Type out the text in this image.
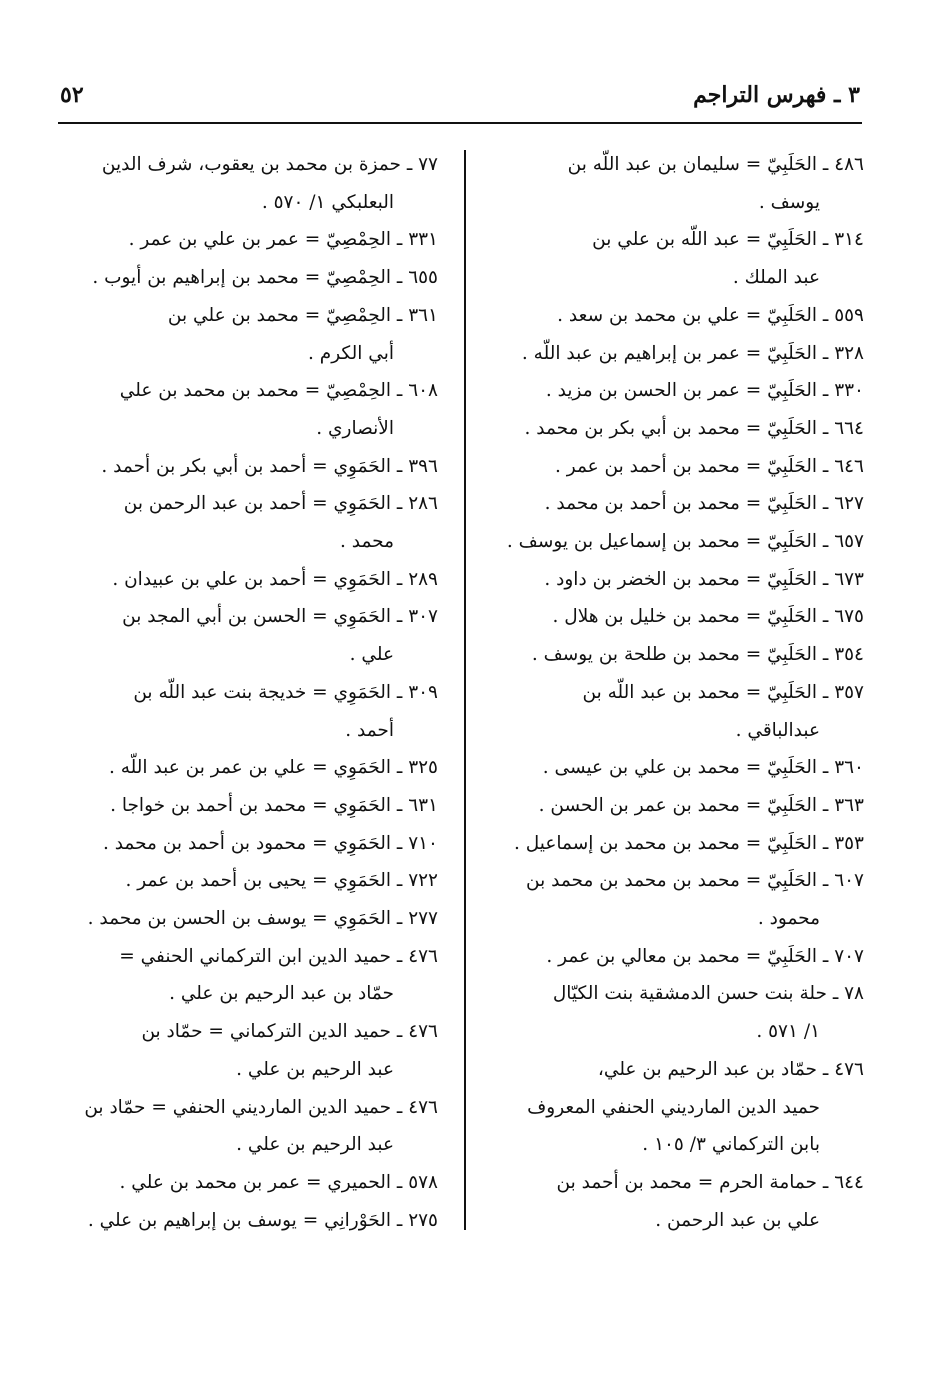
٥٢	٣ ـ فهرس التراجم

٤٨٦ ـ الحَلَبِيّ = سليمان بن عبد اللّه بن
يوسف .

٣١٤ ـ الحَلَبِيّ = عبد اللّه بن علي بن
عبد الملك .

٥٥٩ ـ الحَلَبِيّ = علي بن محمد بن سعد .

٣٢٨ ـ الحَلَبِيّ = عمر بن إبراهيم بن عبد اللّه .

٣٣٠ ـ الحَلَبِيّ = عمر بن الحسن بن مزيد .

٦٦٤ ـ الحَلَبِيّ = محمد بن أبي بكر بن محمد .

٦٤٦ ـ الحَلَبِيّ = محمد بن أحمد بن عمر .

٦٢٧ ـ الحَلَبِيّ = محمد بن أحمد بن محمد .

٦٥٧ ـ الحَلَبِيّ = محمد بن إسماعيل بن يوسف .

٦٧٣ ـ الحَلَبِيّ = محمد بن الخضر بن داود .

٦٧٥ ـ الحَلَبِيّ = محمد بن خليل بن هلال .

٣٥٤ ـ الحَلَبِيّ = محمد بن طلحة بن يوسف .

٣٥٧ ـ الحَلَبِيّ = محمد بن عبد اللّه بن
عبدالباقي .

٣٦٠ ـ الحَلَبِيّ = محمد بن علي بن عيسى .

٣٦٣ ـ الحَلَبِيّ = محمد بن عمر بن الحسن .

٣٥٣ ـ الحَلَبِيّ = محمد بن محمد بن إسماعيل .

٦٠٧ ـ الحَلَبِيّ = محمد بن محمد بن محمد بن
محمود .

٧٠٧ ـ الحَلَبِيّ = محمد بن معالي بن عمر .

٧٨ ـ حلة بنت حسن الدمشقية بنت الكيّال
١/ ٥٧١ .

٤٧٦ ـ حمّاد بن عبد الرحيم بن علي،
حميد الدين المارديني الحنفي المعروف
بابن التركماني ٣/ ١٠٥ .

٦٤٤ ـ حمامة الحرم = محمد بن أحمد بن
علي بن عبد الرحمن .

٧٧ ـ حمزة بن محمد بن يعقوب، شرف الدين
البعلبكي ١/ ٥٧٠ .

٣٣١ ـ الحِمْصِيّ = عمر بن علي بن عمر .

٦٥٥ ـ الحِمْصِيّ = محمد بن إبراهيم بن أيوب .

٣٦١ ـ الحِمْصِيّ = محمد بن علي بن
أبي الكرم .

٦٠٨ ـ الحِمْصِيّ = محمد بن محمد بن علي
الأنصاري .

٣٩٦ ـ الحَمَوِي = أحمد بن أبي بكر بن أحمد .

٢٨٦ ـ الحَمَوِي = أحمد بن عبد الرحمن بن
محمد .

٢٨٩ ـ الحَمَوِي = أحمد بن علي بن عبيدان .

٣٠٧ ـ الحَمَوِي = الحسن بن أبي المجد بن
علي .

٣٠٩ ـ الحَمَوِي = خديجة بنت عبد اللّه بن
أحمد .

٣٢٥ ـ الحَمَوِي = علي بن عمر بن عبد اللّه .

٦٣١ ـ الحَمَوِي = محمد بن أحمد بن خواجا .

٧١٠ ـ الحَمَوِي = محمود بن أحمد بن محمد .

٧٢٢ ـ الحَمَوِي = يحيى بن أحمد بن عمر .

٢٧٧ ـ الحَمَوِي = يوسف بن الحسن بن محمد .

٤٧٦ ـ حميد الدين ابن التركماني الحنفي =
حمّاد بن عبد الرحيم بن علي .

٤٧٦ ـ حميد الدين التركماني = حمّاد بن
عبد الرحيم بن علي .

٤٧٦ ـ حميد الدين المارديني الحنفي = حمّاد بن
عبد الرحيم بن علي .

٥٧٨ ـ الحميري = عمر بن محمد بن علي .

٢٧٥ ـ الحَوْرانِي = يوسف بن إبراهيم بن علي .
